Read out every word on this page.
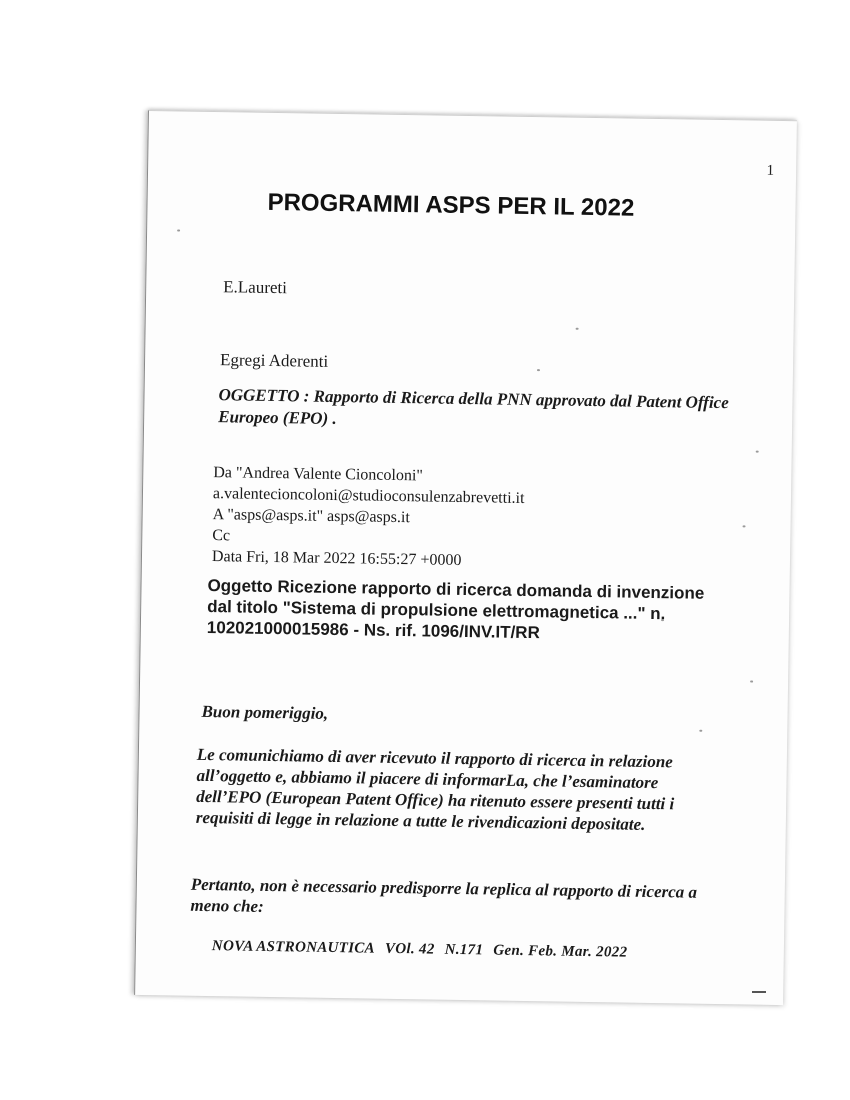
1
PROGRAMMI ASPS PER IL 2022
E.Laureti
Egregi Aderenti
OGGETTO : Rapporto di Ricerca della PNN approvato dal Patent Office Europeo (EPO) .
Da "Andrea Valente Cioncoloni"
a.valentecioncoloni@studioconsulenzabrevetti.it
A "asps@asps.it" asps@asps.it
Cc
Data Fri, 18 Mar 2022 16:55:27 +0000
Oggetto Ricezione rapporto di ricerca domanda di invenzione dal titolo "Sistema di propulsione elettromagnetica ..." n. 102021000015986 - Ns. rif. 1096/INV.IT/RR
Buon pomeriggio,
Le comunichiamo di aver ricevuto il rapporto di ricerca in relazione all’oggetto e, abbiamo il piacere di informarLa, che l’esaminatore dell’EPO (European Patent Office) ha ritenuto essere presenti tutti i requisiti di legge in relazione a tutte le rivendicazioni depositate.
Pertanto, non è necessario predisporre la replica al rapporto di ricerca a meno che:
NOVA ASTRONAUTICA VOl. 42 N.171 Gen. Feb. Mar. 2022
